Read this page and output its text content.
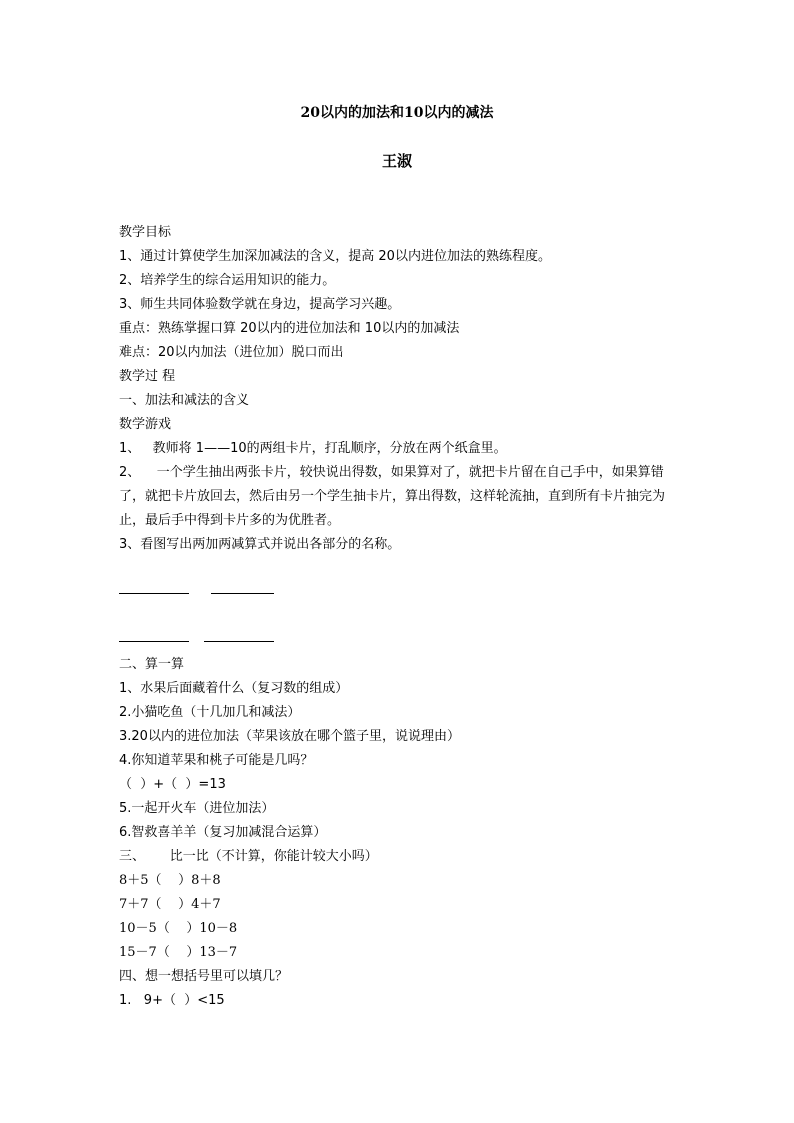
20以内的加法和10以内的减法
王淑
教学目标
1、通过计算使学生加深加减法的含义，提高 20以内进位加法的熟练程度。
2、培养学生的综合运用知识的能力。
3、师生共同体验数学就在身边，提高学习兴趣。
重点：熟练掌握口算 20以内的进位加法和 10以内的加减法
难点：20以内加法（进位加）脱口而出
教学过 程
一、加法和减法的含义
数学游戏
1、   教师将 1——10的两组卡片，打乱顺序，分放在两个纸盒里。
2、    一个学生抽出两张卡片，较快说出得数，如果算对了，就把卡片留在自己手中，如果算错了，就把卡片放回去，然后由另一个学生抽卡片，算出得数，这样轮流抽，直到所有卡片抽完为止，最后手中得到卡片多的为优胜者。
3、看图写出两加两减算式并说出各部分的名称。
二、算一算
1、水果后面藏着什么（复习数的组成）
2.小猫吃鱼（十几加几和减法）
3.20以内的进位加法（苹果该放在哪个篮子里，说说理由）
4.你知道苹果和桃子可能是几吗？
（  ）+（  ）=13
5.一起开火车（进位加法）
6.智救喜羊羊（复习加减混合运算）
三、      比一比（不计算，你能计较大小吗）
8＋5（    ）8＋8
7＋7（    ）4＋7
10－5（    ）10－8
15－7（    ）13－7
四、想一想括号里可以填几？
1.   9+（  ）<15
